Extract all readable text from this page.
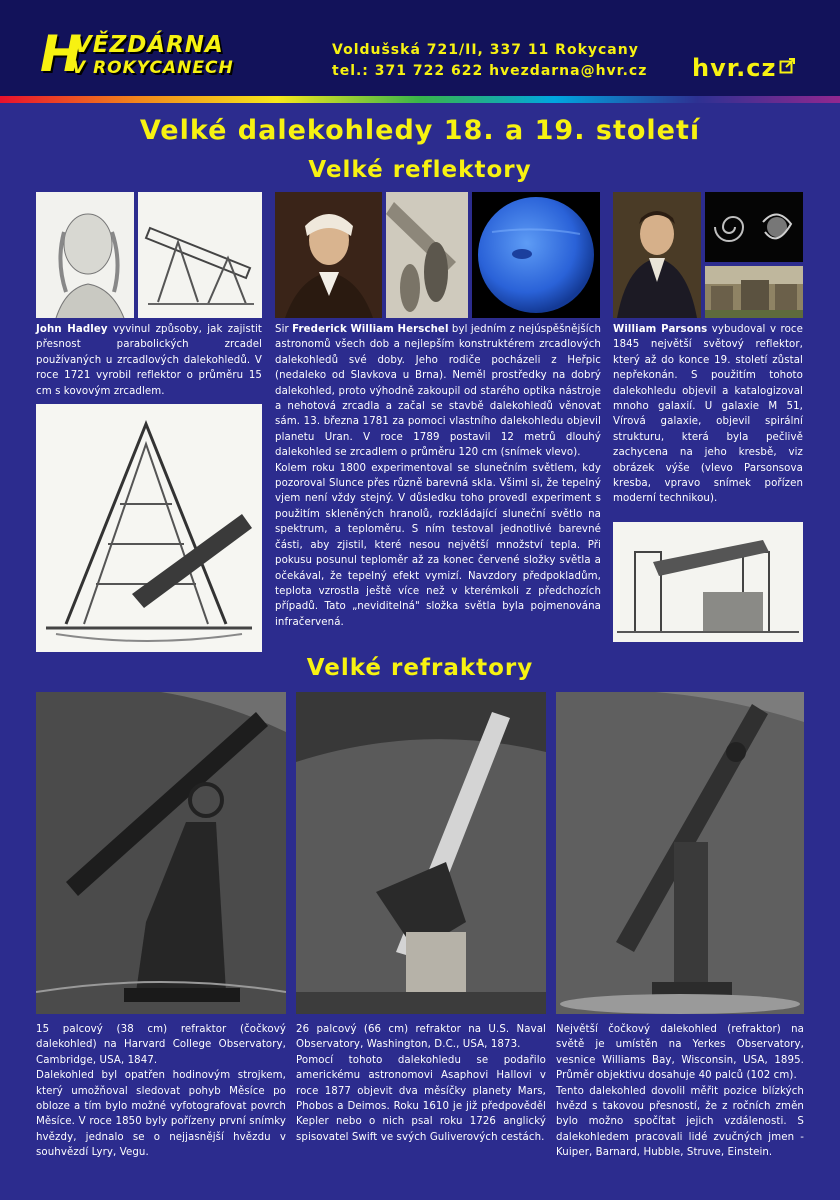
H
VĚZDÁRNA
V ROKYCANECH
Voldušská 721/II, 337 11 Rokycany
tel.: 371 722 622 hvezdarna@hvr.cz	hvr.cz
Velké dalekohledy 18. a 19. století
Velké reflektory

John Hadley vyvinul způsoby, jak zajistit přesnost parabolických zrcadel používaných u zrcadlových dalekohledů. V roce 1721 vyrobil reflektor o průměru 15 cm s kovovým zrcadlem.

Sir Frederick William Herschel byl jedním z nejúspěšnějších astronomů všech dob a nejlepším konstruktérem zrcadlových dalekohledů své doby. Jeho rodiče pocházeli z Heřpic (nedaleko od Slavkova u Brna). Neměl prostředky na dobrý dalekohled, proto výhodně zakoupil od starého optika nástroje a nehotová zrcadla a začal se stavbě dalekohledů věnovat sám. 13. března 1781 za pomoci vlastního dalekohledu objevil planetu Uran. V roce 1789 postavil 12 metrů dlouhý dalekohled se zrcadlem o průměru 120 cm (snímek vlevo).

Kolem roku 1800 experimentoval se slunečním světlem, kdy pozoroval Slunce přes různě barevná skla. Všiml si, že tepelný vjem není vždy stejný. V důsledku toho provedl experiment s použitím skleněných hranolů, rozkládající sluneční světlo na spektrum, a teploměru. S ním testoval jednotlivé barevné části, aby zjistil, které nesou největší množství tepla. Při pokusu posunul teploměr až za konec červené složky světla a očekával, že tepelný efekt vymizí. Navzdory předpokladům, teplota vzrostla ještě více než v kterémkoli z předchozích případů. Tato „neviditelná" složka světla byla pojmenována infračervená.

William Parsons vybudoval v roce 1845 největší světový reflektor, který až do konce 19. století zůstal nepřekonán. S použitím tohoto dalekohledu objevil a katalogizoval mnoho galaxií. U galaxie M 51, Vírová galaxie, objevil spirální strukturu, která byla pečlivě zachycena na jeho kresbě, viz obrázek výše (vlevo Parsonsova kresba, vpravo snímek pořízen moderní technikou).

Velké refraktory

15 palcový (38 cm) refraktor (čočkový dalekohled) na Harvard College Observatory, Cambridge, USA, 1847.

Dalekohled byl opatřen hodinovým strojkem, který umožňoval sledovat pohyb Měsíce po obloze a tím bylo možné vyfotografovat povrch Měsíce. V roce 1850 byly pořízeny první snímky hvězdy, jednalo se o nejjasnější hvězdu v souhvězdí Lyry, Vegu.

26 palcový (66 cm) refraktor na U.S. Naval Observatory, Washington, D.C., USA, 1873.

Pomocí tohoto dalekohledu se podařilo americkému astronomovi Asaphovi Hallovi v roce 1877 objevit dva měsíčky planety Mars, Phobos a Deimos. Roku 1610 je již předpověděl Kepler nebo o nich psal roku 1726 anglický spisovatel Swift ve svých Guliverových cestách.

Největší čočkový dalekohled (refraktor) na světě je umístěn na Yerkes Observatory, vesnice Williams Bay, Wisconsin, USA, 1895. Průměr objektivu dosahuje 40 palců (102 cm).

Tento dalekohled dovolil měřit pozice blízkých hvězd s takovou přesností, že z ročních změn bylo možno spočítat jejich vzdálenosti. S dalekohledem pracovali lidé zvučných jmen - Kuiper, Barnard, Hubble, Struve, Einstein.
